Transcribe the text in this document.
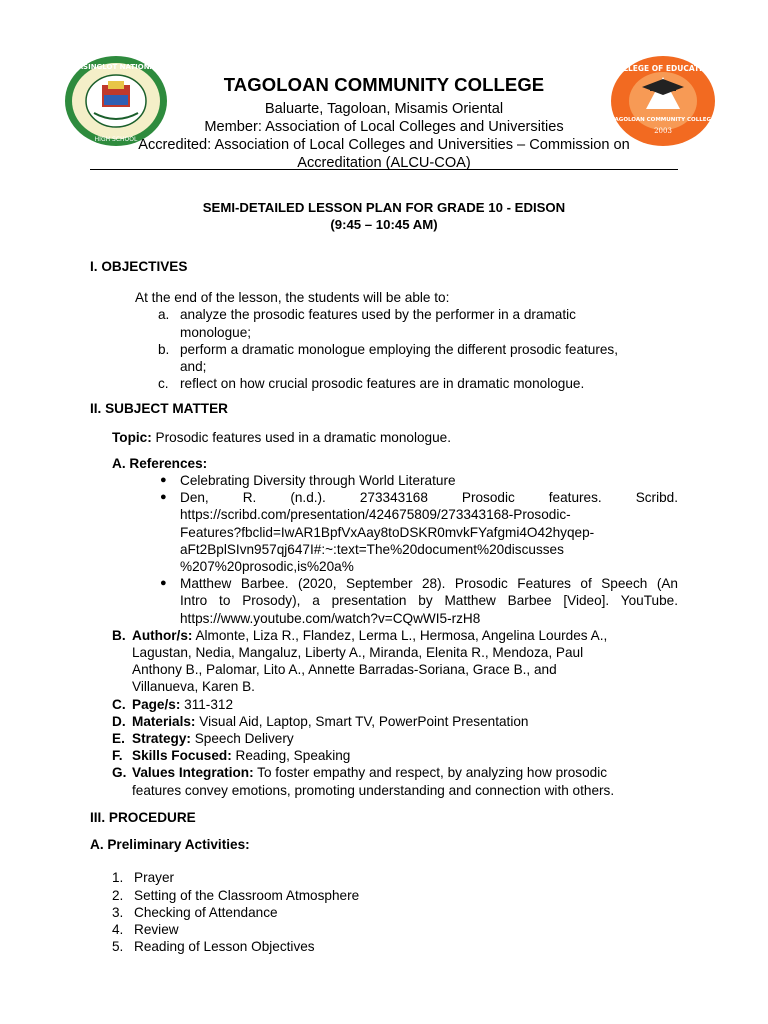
CASINGLOT NATIONAL
HIGH SCHOOL
COLLEGE OF EDUCATION
TAGOLOAN COMMUNITY COLLEGE
2003
TAGOLOAN COMMUNITY COLLEGE
Baluarte, Tagoloan, Misamis Oriental
Member: Association of Local Colleges and Universities
Accredited: Association of Local Colleges and Universities – Commission on
Accreditation (ALCU-COA)
SEMI-DETAILED LESSON PLAN FOR GRADE 10 - EDISON
(9:45 – 10:45 AM)
I. OBJECTIVES

At the end of the lesson, the students will be able to:

a. analyze the prosodic features used by the performer in a dramatic
monologue;
b. perform a dramatic monologue employing the different prosodic features,
and;
c. reflect on how crucial prosodic features are in dramatic monologue.
II. SUBJECT MATTER

Topic: Prosodic features used in a dramatic monologue.

A. References:
● Celebrating Diversity through World Literature
● Den, R. (n.d.). 273343168 Prosodic features. Scribd.
https://scribd.com/presentation/424675809/273343168-Prosodic-
Features?fbclid=IwAR1BpfVxAay8toDSKR0mvkFYafgmi4O42hyqep-
aFt2BplSIvn957qj647I#:~:text=The%20document%20discusses
%207%20prosodic,is%20a%
● Matthew Barbee. (2020, September 28). Prosodic Features of Speech (An
Intro to Prosody), a presentation by Matthew Barbee [Video]. YouTube.
https://www.youtube.com/watch?v=CQwWI5-rzH8
B. Author/s: Almonte, Liza R., Flandez, Lerma L., Hermosa, Angelina Lourdes A.,
Lagustan, Nedia, Mangaluz, Liberty A., Miranda, Elenita R., Mendoza, Paul
Anthony B., Palomar, Lito A., Annette Barradas-Soriana, Grace B., and
Villanueva, Karen B.
C. Page/s: 311-312
D. Materials: Visual Aid, Laptop, Smart TV, PowerPoint Presentation
E. Strategy: Speech Delivery
F. Skills Focused: Reading, Speaking
G. Values Integration: To foster empathy and respect, by analyzing how prosodic
features convey emotions, promoting understanding and connection with others.
III. PROCEDURE
A. Preliminary Activities:
1. Prayer
2. Setting of the Classroom Atmosphere
3. Checking of Attendance
4. Review
5. Reading of Lesson Objectives
